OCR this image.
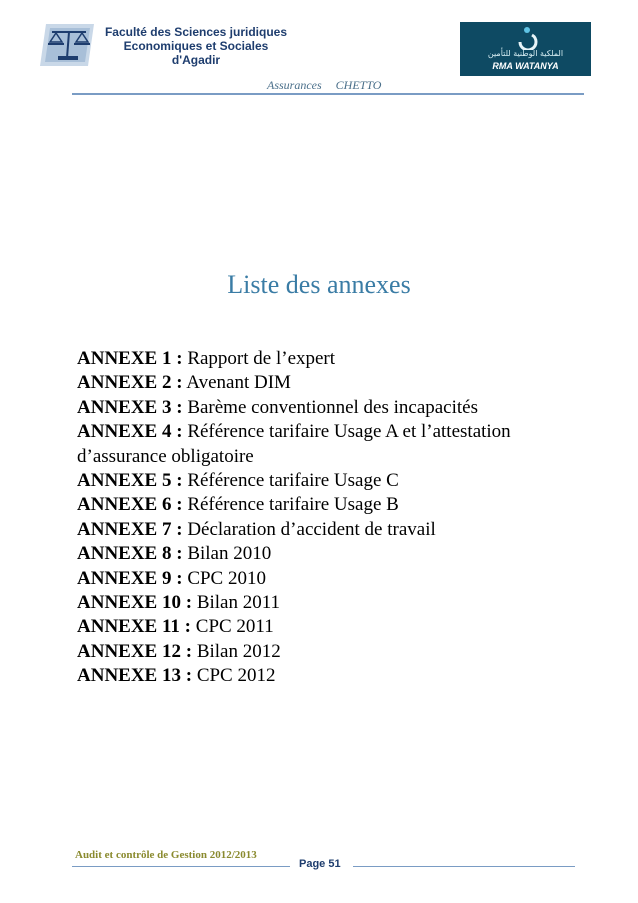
Faculté des Sciences juridiques
Economiques et Sociales
d'Agadir	الملكية الوطنية للتأمين
RMA WATANYA
Assurances CHETTO
Liste des annexes
ANNEXE 1 : Rapport de l’expert
ANNEXE 2 : Avenant DIM
ANNEXE 3 : Barème conventionnel des incapacités
ANNEXE 4 : Référence tarifaire Usage A et l’attestation d’assurance obligatoire
ANNEXE 5 : Référence tarifaire Usage C
ANNEXE 6 : Référence tarifaire Usage B
ANNEXE 7 : Déclaration d’accident de travail
ANNEXE 8 : Bilan 2010
ANNEXE 9 : CPC 2010
ANNEXE 10 : Bilan 2011
ANNEXE 11 : CPC 2011
ANNEXE 12 : Bilan 2012
ANNEXE 13 : CPC 2012
Audit et contrôle de Gestion 2012/2013
Page 51
